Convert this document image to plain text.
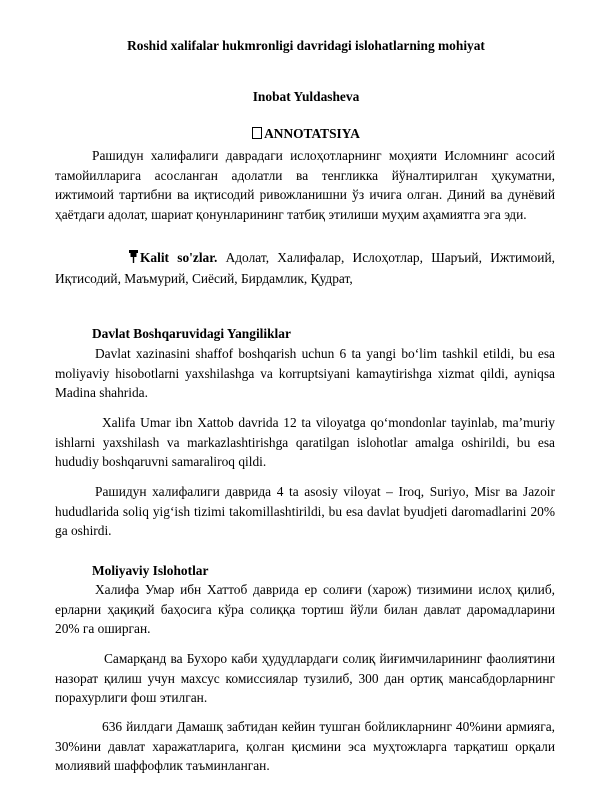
Roshid xalifalar hukmronligi davridagi islohatlarning mohiyat
Inobat Yuldasheva
ANNOTATSIYA
Рашидун халифалиги даврадаги ислоҳотларнинг моҳияти Исломнинг асосий тамойилларига асосланган адолатли ва тенгликка йўналтирилган ҳукуматни, ижтимоий тартибни ва иқтисодий ривожланишни ўз ичига олган. Диний ва дунёвий ҳаётдаги адолат, шариат қонунларининг татбиқ этилиши муҳим аҳамиятга эга эди.
Kalit so'zlar. Адолат, Халифалар, Ислоҳотлар, Шаръий, Ижтимоий, Иқтисодий, Маъмурий, Сиёсий, Бирдамлик, Қудрат,
Davlat Boshqaruvidagi Yangiliklar
Davlat xazinasini shaffof boshqarish uchun 6 ta yangi bo‘lim tashkil etildi, bu esa moliyaviy hisobotlarni yaxshilashga va korruptsiyani kamaytirishga xizmat qildi, ayniqsa Madina shahrida.
Xalifa Umar ibn Xattob davrida 12 ta viloyatga qo‘mondonlar tayinlab, ma’muriy ishlarni yaxshilash va markazlashtirishga qaratilgan islohotlar amalga oshirildi, bu esa hududiy boshqaruvni samaraliroq qildi.
Рашидун халифалиги даврида 4 ta asosiy viloyat – Iroq, Suriyo, Misr ва Jazoir hududlarida soliq yig‘ish tizimi takomillashtirildi, bu esa davlat byudjeti daromadlarini 20% ga oshirdi.
Moliyaviy Islohotlar
Халифа Умар ибн Хаттоб даврида ер солиғи (харож) тизимини ислоҳ қилиб, ерларни ҳақиқий баҳосига кўра солиққа тортиш йўли билан давлат даромадларини 20% га оширган.
Самарқанд ва Бухоро каби ҳудудлардаги солиқ йиғимчиларининг фаолиятини назорат қилиш учун махсус комиссиялар тузилиб, 300 дан ортиқ мансабдорларнинг порахурлиги фош этилган.
636 йилдаги Дамашқ забтидан кейин тушган бойликларнинг 40%ини армияга, 30%ини давлат харажатларига, қолган қисмини эса муҳтожларга тарқатиш орқали молиявий шаффофлик таъминланган.
